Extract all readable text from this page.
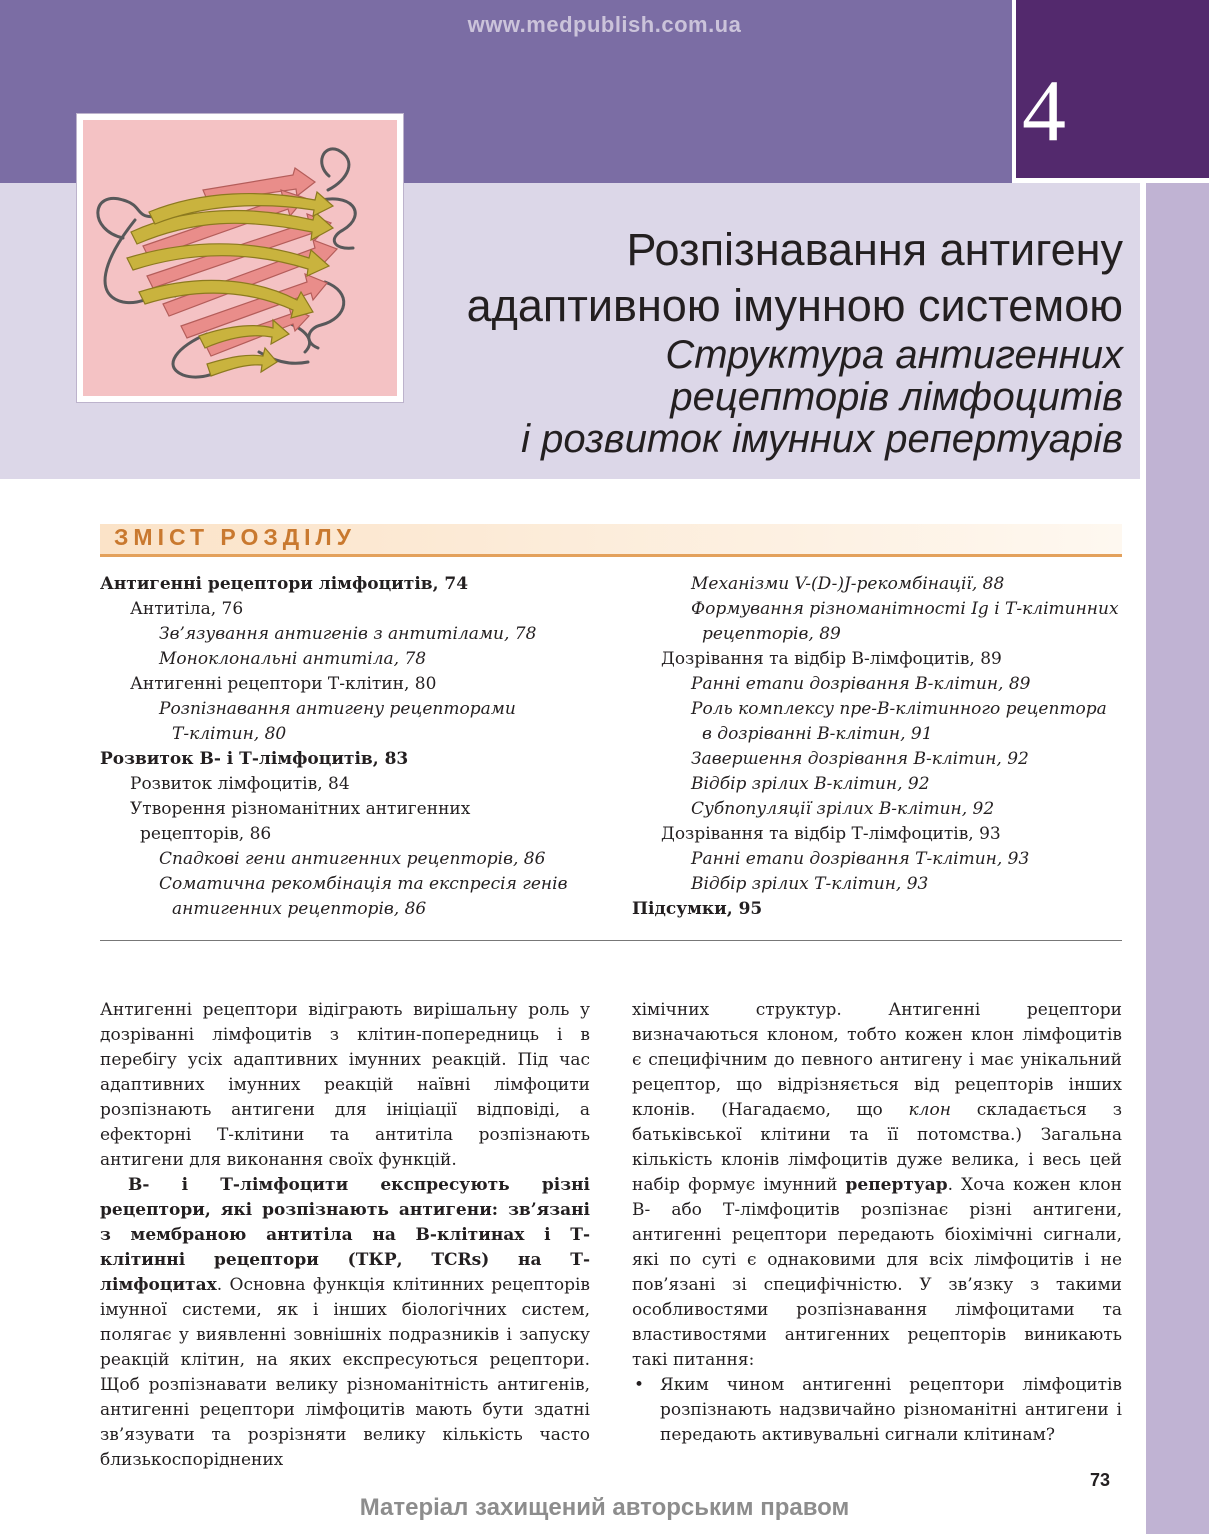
www.medpublish.com.ua
4
Розпізнавання антигену
адаптивною імунною системою
Структура антигенних
рецепторів лімфоцитів
і розвиток імунних репертуарів
ЗМІСТ РОЗДІЛУ
Антигенні рецептори лімфоцитів, 74
Антитіла, 76
Зв’язування антигенів з антитілами, 78
Моноклональні антитіла, 78
Антигенні рецептори Т-клітин, 80
Розпізнавання антигену рецепторами
Т-клітин, 80
Розвиток В- і Т-лімфоцитів, 83
Розвиток лімфоцитів, 84
Утворення різноманітних антигенних
рецепторів, 86
Спадкові гени антигенних рецепторів, 86
Соматична рекомбінація та експресія генів
антигенних рецепторів, 86
Механізми V-(D-)J-рекомбінації, 88
Формування різноманітності Ig і Т-клітинних
рецепторів, 89
Дозрівання та відбір В-лімфоцитів, 89
Ранні етапи дозрівання В-клітин, 89
Роль комплексу пре-В-клітинного рецептора
в дозріванні В-клітин, 91
Завершення дозрівання В-клітин, 92
Відбір зрілих В-клітин, 92
Субпопуляції зрілих В-клітин, 92
Дозрівання та відбір Т-лімфоцитів, 93
Ранні етапи дозрівання Т-клітин, 93
Відбір зрілих Т-клітин, 93
Підсумки, 95

Антигенні рецептори відіграють вирішальну роль у дозріванні лімфоцитів з клітин-попередниць і в перебігу усіх адаптивних імунних реакцій. Під час адаптивних імунних реакцій наївні лімфоцити розпізнають антигени для ініціації відповіді, а ефекторні Т-клітини та антитіла розпізнають антигени для виконання своїх функцій.

В- і Т-лімфоцити експресують різні рецептори, які розпізнають антигени: зв’язані з мембраною антитіла на В-клітинах і Т-клітинні рецептори (ТКР, TCRs) на Т-лімфоцитах. Основна функція клітинних рецепторів імунної системи, як і інших біологічних систем, полягає у виявленні зовнішніх подразників і запуску реакцій клітин, на яких експресуються рецептори. Щоб розпізнавати велику різноманітність антигенів, антигенні рецептори лімфоцитів мають бути здатні зв’язувати та розрізняти велику кількість часто близькоспоріднених

хімічних структур. Антигенні рецептори визначаються клоном, тобто кожен клон лімфоцитів є специфічним до певного антигену і має унікальний рецептор, що відрізняється від рецепторів інших клонів. (Нагадаємо, що клон складається з батьківської клітини та її потомства.) Загальна кількість клонів лімфоцитів дуже велика, і весь цей набір формує імунний репертуар. Хоча кожен клон В- або Т-лімфоцитів розпізнає різні антигени, антигенні рецептори передають біохімічні сигнали, які по суті є однаковими для всіх лімфоцитів і не пов’язані зі специфічністю. У зв’язку з такими особливостями розпізнавання лімфоцитами та властивостями антигенних рецепторів виникають такі питання:

• Яким чином антигенні рецептори лімфоцитів розпізнають надзвичайно різноманітні антигени і передають активувальні сигнали клітинам?

73
Матеріал захищений авторським правом
